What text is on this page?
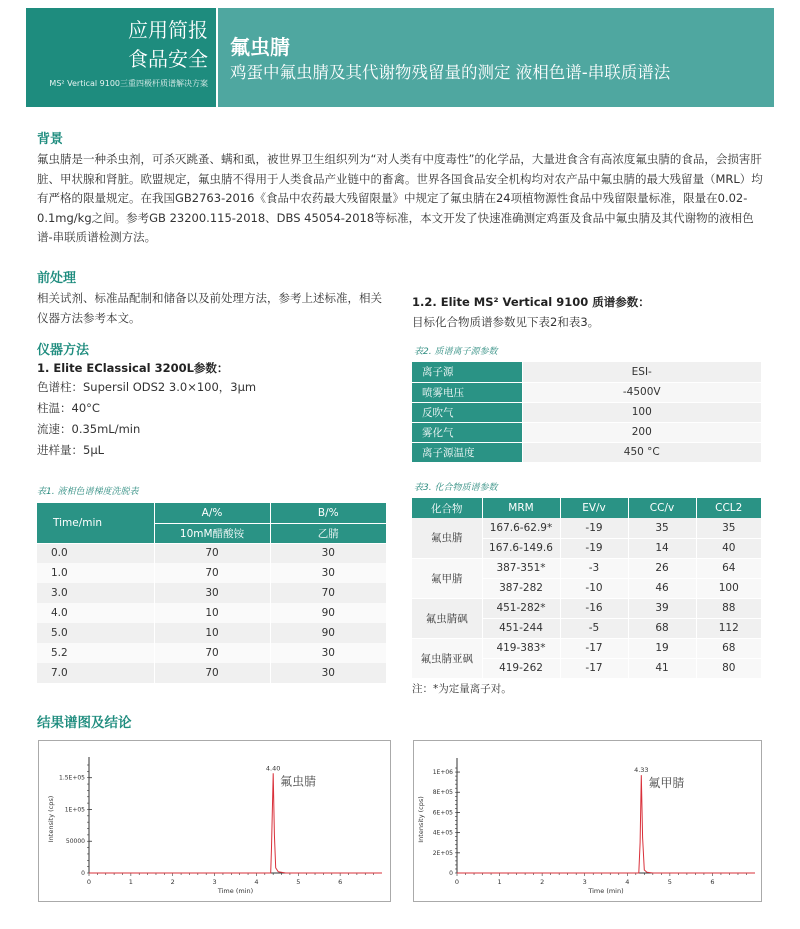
应用简报
食品安全
MS² Vertical 9100三重四极杆质谱解决方案
氟虫腈
鸡蛋中氟虫腈及其代谢物残留量的测定 液相色谱-串联质谱法
背景
氟虫腈是一种杀虫剂，可杀灭跳蚤、螨和虱，被世界卫生组织列为“对人类有中度毒性”的化学品，大量进食含有高浓度氟虫腈的食品，会损害肝脏、甲状腺和肾脏。欧盟规定，氟虫腈不得用于人类食品产业链中的畜禽。世界各国食品安全机构均对农产品中氟虫腈的最大残留量（MRL）均有严格的限量规定。在我国GB2763-2016《食品中农药最大残留限量》中规定了氟虫腈在24项植物源性食品中残留限量标准，限量在0.02-0.1mg/kg之间。参考GB 23200.115-2018、DBS 45054-2018等标准，本文开发了快速准确测定鸡蛋及食品中氟虫腈及其代谢物的液相色谱-串联质谱检测方法。
前处理
相关试剂、标准品配制和储备以及前处理方法，参考上述标准，相关仪器方法参考本文。
仪器方法
1. Elite EClassical 3200L参数：
色谱柱：Supersil ODS2 3.0×100，3μm
柱温：40°C
流速：0.35mL/min
进样量：5μL
1.2. Elite MS² Vertical 9100 质谱参数：
目标化合物质谱参数见下表2和表3。
表1. 液相色谱梯度洗脱表
Time/min	A/%	B/%
	10mM醋酸铵	乙腈
0.0	70	30
1.0	70	30
3.0	30	70
4.0	10	90
5.0	10	90
5.2	70	30
7.0	70	30
表2. 质谱离子源参数
离子源	ESI-
喷雾电压	-4500V
反吹气	100
雾化气	200
离子源温度	450 °C
表3. 化合物质谱参数
化合物	MRM	EV/v	CC/v	CCL2
氟虫腈	167.6-62.9*	-19	35	35
	167.6-149.6	-19	14	40
氟甲腈	387-351*	-3	26	64
	387-282	-10	46	100
氟虫腈砜	451-282*	-16	39	88
	451-244	-5	68	112
氟虫腈亚砜	419-383*	-17	19	68
	419-262	-17	41	80
注：*为定量离子对。
结果谱图及结论
0	1	2	3	4	5	6
0
50000
1E+05
1.5E+05
Time (min)
Intensity (cps)
4.40
氟虫腈
0	1	2	3	4	5	6
0
2E+05
4E+05
6E+05
8E+05
1E+06
Time (min)
Intensity (cps)
4.33
氟甲腈
